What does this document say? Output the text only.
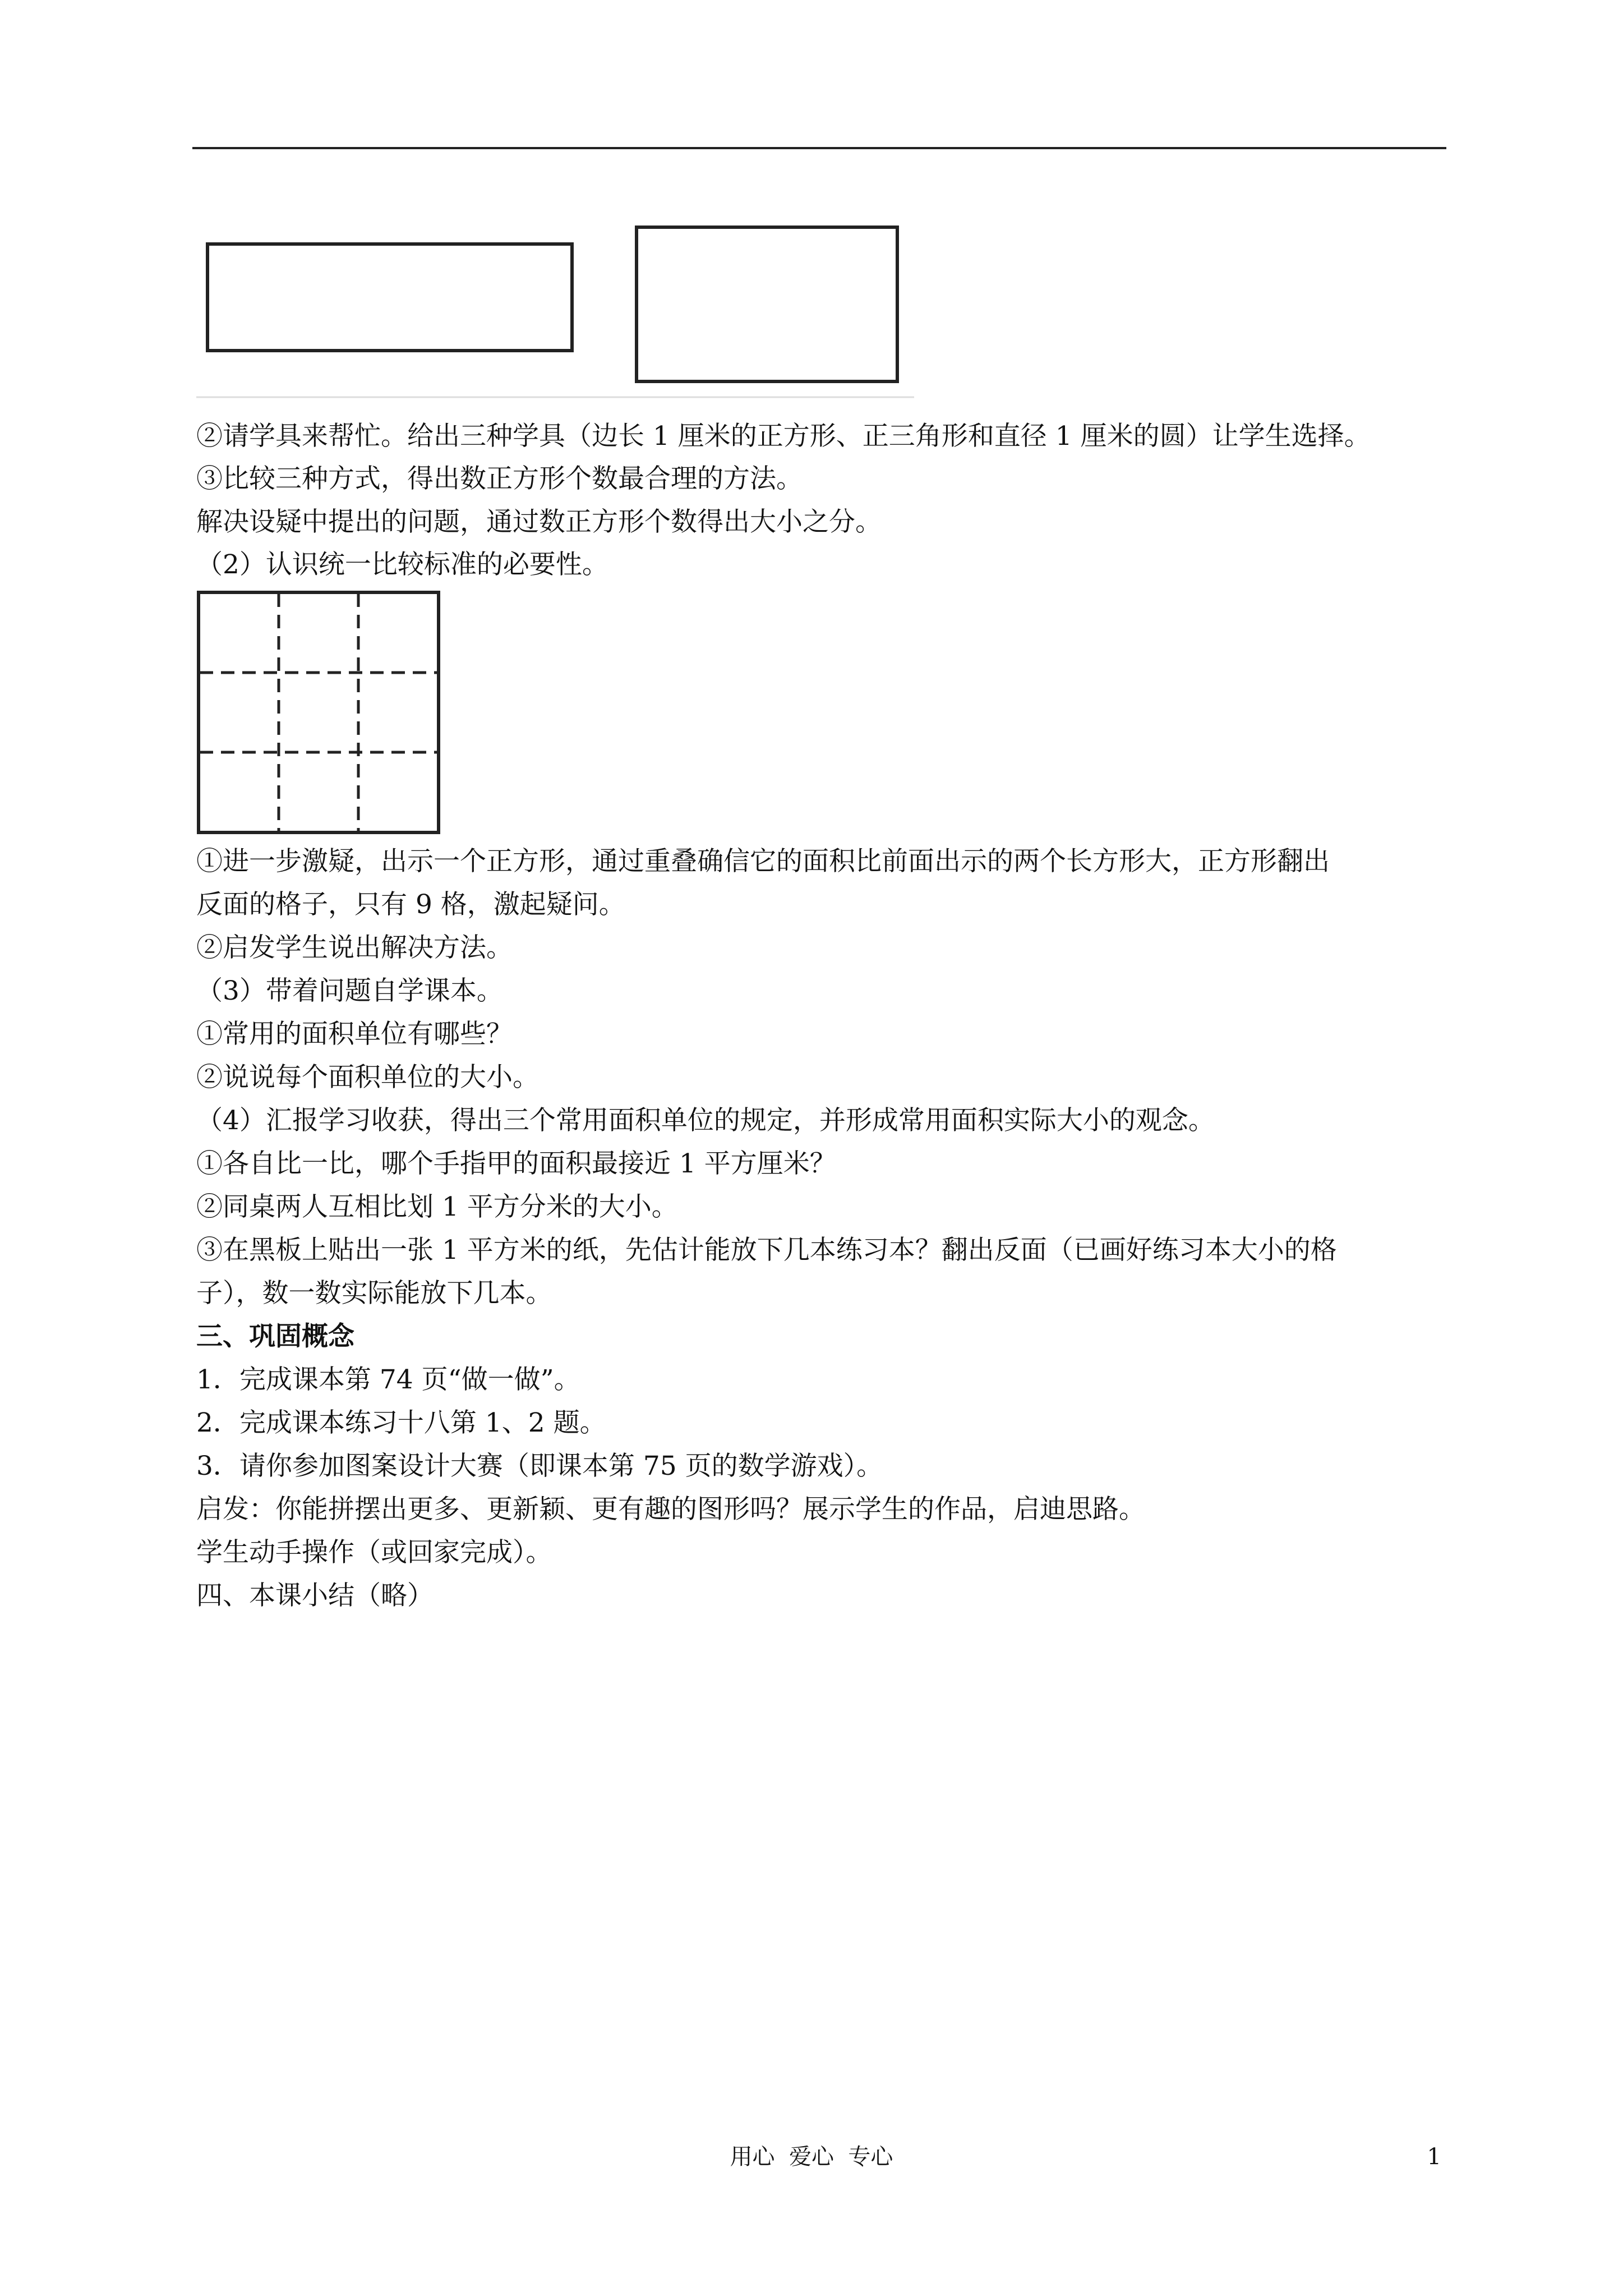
②请学具来帮忙。给出三种学具（边长 1 厘米的正方形、正三角形和直径 1 厘米的圆）让学生选择。
③比较三种方式，得出数正方形个数最合理的方法。
解决设疑中提出的问题，通过数正方形个数得出大小之分。
（2）认识统一比较标准的必要性。
①进一步激疑，出示一个正方形，通过重叠确信它的面积比前面出示的两个长方形大，正方形翻出
反面的格子，只有 9 格，激起疑问。
②启发学生说出解决方法。
（3）带着问题自学课本。
①常用的面积单位有哪些？
②说说每个面积单位的大小。
（4）汇报学习收获，得出三个常用面积单位的规定，并形成常用面积实际大小的观念。
①各自比一比，哪个手指甲的面积最接近 1 平方厘米？
②同桌两人互相比划 1 平方分米的大小。
③在黑板上贴出一张 1 平方米的纸，先估计能放下几本练习本？翻出反面（已画好练习本大小的格
子），数一数实际能放下几本。
三、巩固概念
1．完成课本第 74 页“做一做”。
2．完成课本练习十八第 1、2 题。
3．请你参加图案设计大赛（即课本第 75 页的数学游戏）。
启发：你能拼摆出更多、更新颖、更有趣的图形吗？展示学生的作品，启迪思路。
学生动手操作（或回家完成）。
四、本课小结（略）
用心  爱心  专心	1
